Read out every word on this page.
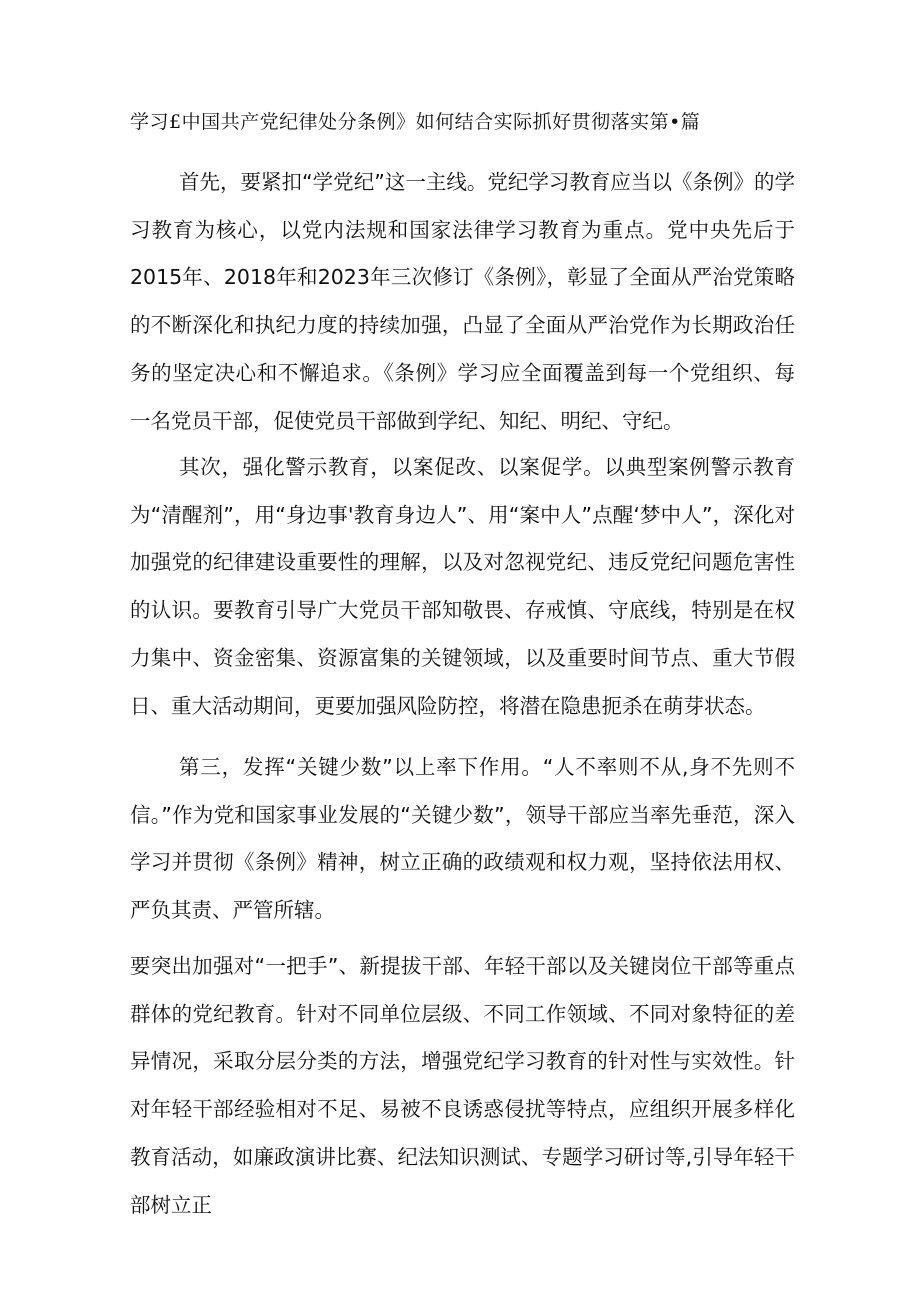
学习£中国共产党纪律处分条例》如何结合实际抓好贯彻落实第•篇

首先，要紧扣“学党纪”这一主线。党纪学习教育应当以《条例》的学习教育为核心，以党内法规和国家法律学习教育为重点。党中央先后于2015年、2018年和2023年三次修订《条例》，彰显了全面从严治党策略的不断深化和执纪力度的持续加强，凸显了全面从严治党作为长期政治任务的坚定决心和不懈追求。《条例》学习应全面覆盖到每一个党组织、每一名党员干部，促使党员干部做到学纪、知纪、明纪、守纪。

其次，强化警示教育，以案促改、以案促学。以典型案例警示教育为“清醒剂”，用“身边事'教育身边人”、用“案中人”点醒‘梦中人”，深化对加强党的纪律建设重要性的理解，以及对忽视党纪、违反党纪问题危害性的认识。要教育引导广大党员干部知敬畏、存戒慎、守底线，特别是在权力集中、资金密集、资源富集的关键领域，以及重要时间节点、重大节假日、重大活动期间，更要加强风险防控，将潜在隐患扼杀在萌芽状态。

第三，发挥“关键少数”以上率下作用。“人不率则不从,身不先则不信。”作为党和国家事业发展的“关键少数”，领导干部应当率先垂范，深入学习并贯彻《条例》精神，树立正确的政绩观和权力观，坚持依法用权、严负其责、严管所辖。

要突出加强对“一把手”、新提拔干部、年轻干部以及关键岗位干部等重点群体的党纪教育。针对不同单位层级、不同工作领域、不同对象特征的差异情况，采取分层分类的方法，增强党纪学习教育的针对性与实效性。针对年轻干部经验相对不足、易被不良诱惑侵扰等特点，应组织开展多样化教育活动，如廉政演讲比赛、纪法知识测试、专题学习研讨等,引导年轻干部树立正
